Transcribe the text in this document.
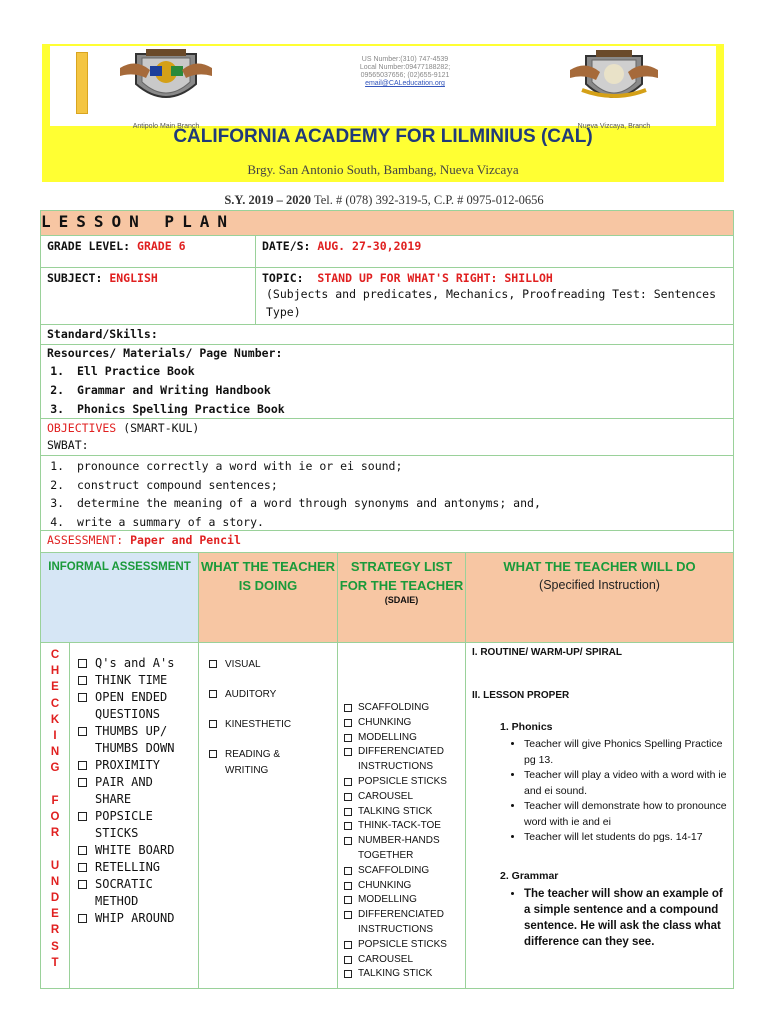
Antipolo Main Branch
US Number:(310) 747-4539
Local Number:09477188282;
09565037656; (02)655-9121
email@CALeducation.org
Nueva Vizcaya, Branch
CALIFORNIA ACADEMY FOR LILMINIUS (CAL)
Brgy. San Antonio South, Bambang, Nueva Vizcaya
S.Y. 2019 – 2020 Tel. # (078) 392-319-5, C.P. # 0975-012-0656
LESSON PLAN
GRADE LEVEL: GRADE 6	DATE/S: AUG. 27-30,2019
SUBJECT: ENGLISH	TOPIC: STAND UP FOR WHAT'S RIGHT: SHILLOH
(Subjects and predicates, Mechanics, Proofreading Test: Sentences Type)
Standard/Skills:
Resources/ Materials/ Page Number:
1. Ell Practice Book
2. Grammar and Writing Handbook
3. Phonics Spelling Practice Book
OBJECTIVES (SMART-KUL)
SWBAT:
1. pronounce correctly a word with ie or ei sound;
2. construct compound sentences;
3. determine the meaning of a word through synonyms and antonyms; and,
4. write a summary of a story.
ASSESSMENT: Paper and Pencil
INFORMAL ASSESSMENT WHAT THE TEACHER IS DOING
STRATEGY LIST FOR THE TEACHER
(SDAIE)
WHAT THE TEACHER WILL DO
(Specified Instruction)
C
H
E
C
K
I
N
G

F
O
R

U
N
D
E
R
S
T
Q's and A's
THINK TIME
OPEN ENDED QUESTIONS
THUMBS UP/ THUMBS DOWN
PROXIMITY
PAIR AND SHARE
POPSICLE STICKS
WHITE BOARD
RETELLING
SOCRATIC METHOD
WHIP AROUND
VISUAL
AUDITORY
KINESTHETIC
READING & WRITING
SCAFFOLDING
CHUNKING
MODELLING
DIFFERENCIATED INSTRUCTIONS
POPSICLE STICKS
CAROUSEL
TALKING STICK
THINK-TACK-TOE
NUMBER-HANDS TOGETHER
SCAFFOLDING
CHUNKING
MODELLING
DIFFERENCIATED INSTRUCTIONS
POPSICLE STICKS
CAROUSEL
TALKING STICK
I. ROUTINE/ WARM-UP/ SPIRAL
II. LESSON PROPER
1. Phonics
• Teacher will give Phonics Spelling Practice pg 13.
• Teacher will play a video with a word with ie and ei sound.
• Teacher will demonstrate how to pronounce word with ie and ei
• Teacher will let students do pgs. 14-17
2. Grammar
• The teacher will show an example of a simple sentence and a compound sentence. He will ask the class what difference can they see.
